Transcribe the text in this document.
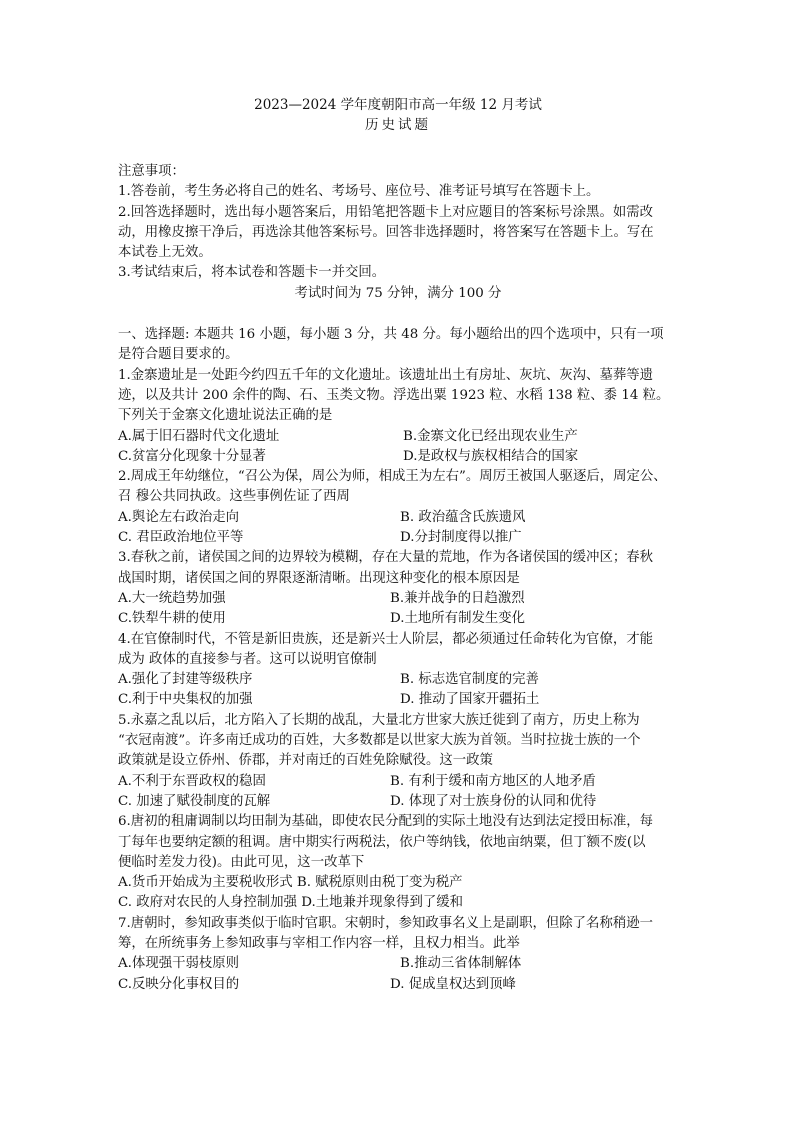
2023—2024 学年度朝阳市高一年级 12 月考试
历史试题
注意事项：
1.答卷前，考生务必将自己的姓名、考场号、座位号、准考证号填写在答题卡上。
2.回答选择题时，选出每小题答案后，用铅笔把答题卡上对应题目的答案标号涂黑。如需改
动，用橡皮擦干净后，再选涂其他答案标号。回答非选择题时，将答案写在答题卡上。写在
本试卷上无效。
3.考试结束后，将本试卷和答题卡一并交回。
考试时间为 75 分钟，满分 100 分
一、选择题: 本题共 16 小题，每小题 3 分，共 48 分。每小题给出的四个选项中，只有一项
是符合题目要求的。
1.金寨遗址是一处距今约四五千年的文化遗址。该遗址出土有房址、灰坑、灰沟、墓葬等遗
迹，以及共计 200 余件的陶、石、玉类文物。浮选出粟 1923 粒、水稻 138 粒、黍 14 粒。
下列关于金寨文化遗址说法正确的是
A.属于旧石器时代文化遗址	B.金寨文化已经出现农业生产
C.贫富分化现象十分显著	D.是政权与族权相结合的国家
2.周成王年幼继位，“召公为保，周公为师，相成王为左右”。周厉王被国人驱逐后，周定公、
召 穆公共同执政。这些事例佐证了西周
A.舆论左右政治走向	B. 政治蕴含氏族遗风
C. 君臣政治地位平等	D.分封制度得以推广
3.春秋之前，诸侯国之间的边界较为模糊，存在大量的荒地，作为各诸侯国的缓冲区；春秋
战国时期，诸侯国之间的界限逐渐清晰。出现这种变化的根本原因是
A.大一统趋势加强	B.兼并战争的日趋激烈
C.铁犁牛耕的使用	D.土地所有制发生变化
4.在官僚制时代，不管是新旧贵族，还是新兴士人阶层，都必须通过任命转化为官僚，才能
成为 政体的直接参与者。这可以说明官僚制
A.强化了封建等级秩序	B. 标志选官制度的完善
C.利于中央集权的加强	D. 推动了国家开疆拓土
5.永嘉之乱以后，北方陷入了长期的战乱，大量北方世家大族迁徙到了南方，历史上称为
“衣冠南渡”。许多南迁成功的百姓，大多数都是以世家大族为首领。当时拉拢士族的一个
政策就是设立侨州、侨郡，并对南迁的百姓免除赋役。这一政策
A.不利于东晋政权的稳固	B. 有利于缓和南方地区的人地矛盾
C. 加速了赋役制度的瓦解	D. 体现了对士族身份的认同和优待
6.唐初的租庸调制以均田制为基础，即使农民分配到的实际土地没有达到法定授田标准，每
丁每年也要纳定额的租调。唐中期实行两税法，依户等纳钱，依地亩纳粟，但丁额不废(以
便临时差发力役)。由此可见，这一改革下
A.货币开始成为主要税收形式 B. 赋税原则由税丁变为税产
C. 政府对农民的人身控制加强 D.土地兼并现象得到了缓和
7.唐朝时，参知政事类似于临时官职。宋朝时，参知政事名义上是副职，但除了名称稍逊一
筹，在所统事务上参知政事与宰相工作内容一样，且权力相当。此举
A.体现强干弱枝原则	B.推动三省体制解体
C.反映分化事权目的	D. 促成皇权达到顶峰
